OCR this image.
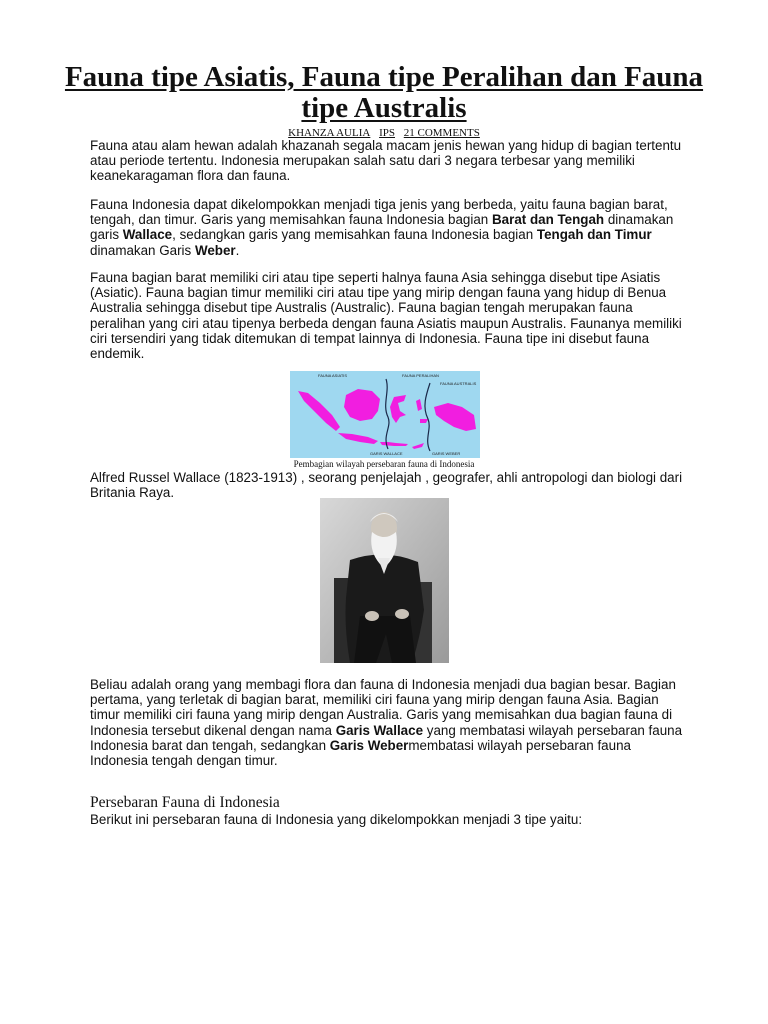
Fauna tipe Asiatis, Fauna tipe Peralihan dan Fauna tipe Australis
KHANZA AULIA IPS 21 COMMENTS

Fauna atau alam hewan adalah khazanah segala macam jenis hewan yang hidup di bagian tertentu atau periode tertentu. Indonesia merupakan salah satu dari 3 negara terbesar yang memiliki keanekaragaman flora dan fauna.

Fauna Indonesia dapat dikelompokkan menjadi tiga jenis yang berbeda, yaitu fauna bagian barat, tengah, dan timur. Garis yang memisahkan fauna Indonesia bagian Barat dan Tengah dinamakan garis Wallace, sedangkan garis yang memisahkan fauna Indonesia bagian Tengah dan Timur dinamakan Garis Weber.

Fauna bagian barat memiliki ciri atau tipe seperti halnya fauna Asia sehingga disebut tipe Asiatis (Asiatic). Fauna bagian timur memiliki ciri atau tipe yang mirip dengan fauna yang hidup di Benua Australia sehingga disebut tipe Australis (Australic). Fauna bagian tengah merupakan fauna peralihan yang ciri atau tipenya berbeda dengan fauna Asiatis maupun Australis. Faunanya memiliki ciri tersendiri yang tidak ditemukan di tempat lainnya di Indonesia. Fauna tipe ini disebut fauna endemik.

FAUNA ASIATIS	FAUNA PERALIHAN
FAUNA AUSTRALIS
GARIS WALLACE	GARIS WEBER
Pembagian wilayah persebaran fauna di Indonesia

Alfred Russel Wallace (1823-1913) , seorang penjelajah , geografer, ahli antropologi dan biologi dari Britania Raya.

Beliau adalah orang yang membagi flora dan fauna di Indonesia menjadi dua bagian besar. Bagian pertama, yang terletak di bagian barat, memiliki ciri fauna yang mirip dengan fauna Asia. Bagian timur memiliki ciri fauna yang mirip dengan Australia. Garis yang memisahkan dua bagian fauna di Indonesia tersebut dikenal dengan nama Garis Wallace yang membatasi wilayah persebaran fauna Indonesia barat dan tengah, sedangkan Garis Webermembatasi wilayah persebaran fauna Indonesia tengah dengan timur.

Persebaran Fauna di Indonesia

Berikut ini persebaran fauna di Indonesia yang dikelompokkan menjadi 3 tipe yaitu:
